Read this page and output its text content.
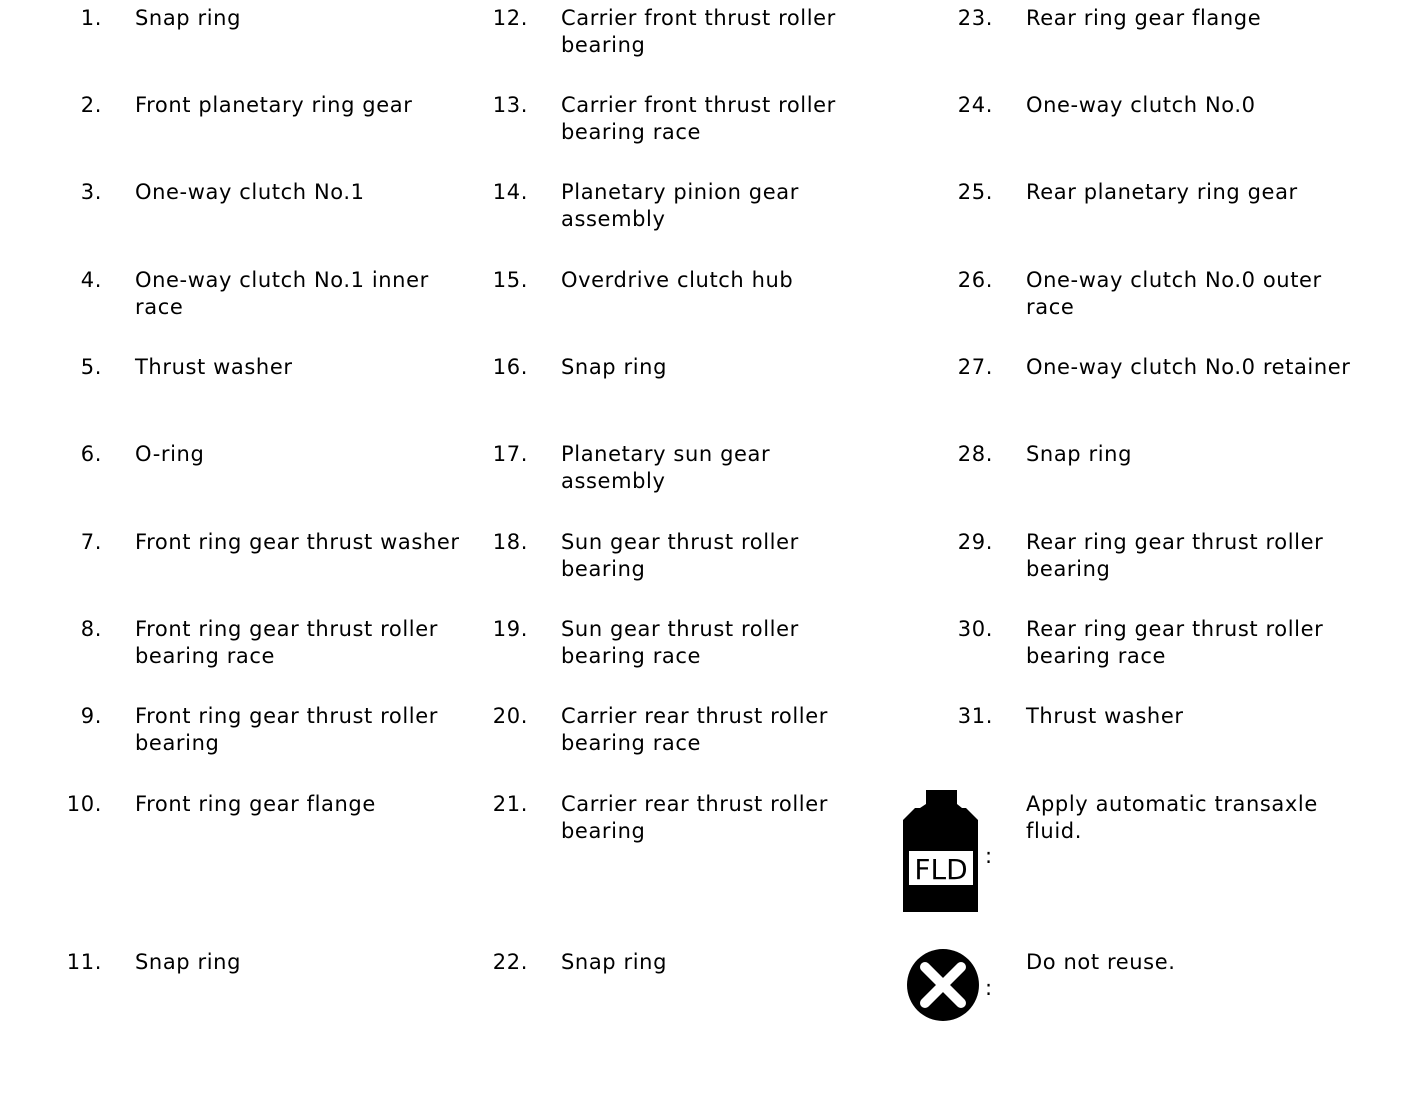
1. Snap ring
2. Front planetary ring gear
3. One-way clutch No.1
4. One-way clutch No.1 inner race
5. Thrust washer
6. O-ring
7. Front ring gear thrust washer
8. Front ring gear thrust roller bearing race
9. Front ring gear thrust roller bearing
10. Front ring gear flange
11. Snap ring
12. Carrier front thrust roller bearing
13. Carrier front thrust roller bearing race
14. Planetary pinion gear assembly
15. Overdrive clutch hub
16. Snap ring
17. Planetary sun gear assembly
18. Sun gear thrust roller bearing
19. Sun gear thrust roller bearing race
20. Carrier rear thrust roller bearing race
21. Carrier rear thrust roller bearing
22. Snap ring
23. Rear ring gear flange
24. One-way clutch No.0
25. Rear planetary ring gear
26. One-way clutch No.0 outer race
27. One-way clutch No.0 retainer
28. Snap ring
29. Rear ring gear thrust roller bearing
30. Rear ring gear thrust roller bearing race
31. Thrust washer
FLD :
Apply automatic transaxle fluid.
:
Do not reuse.
